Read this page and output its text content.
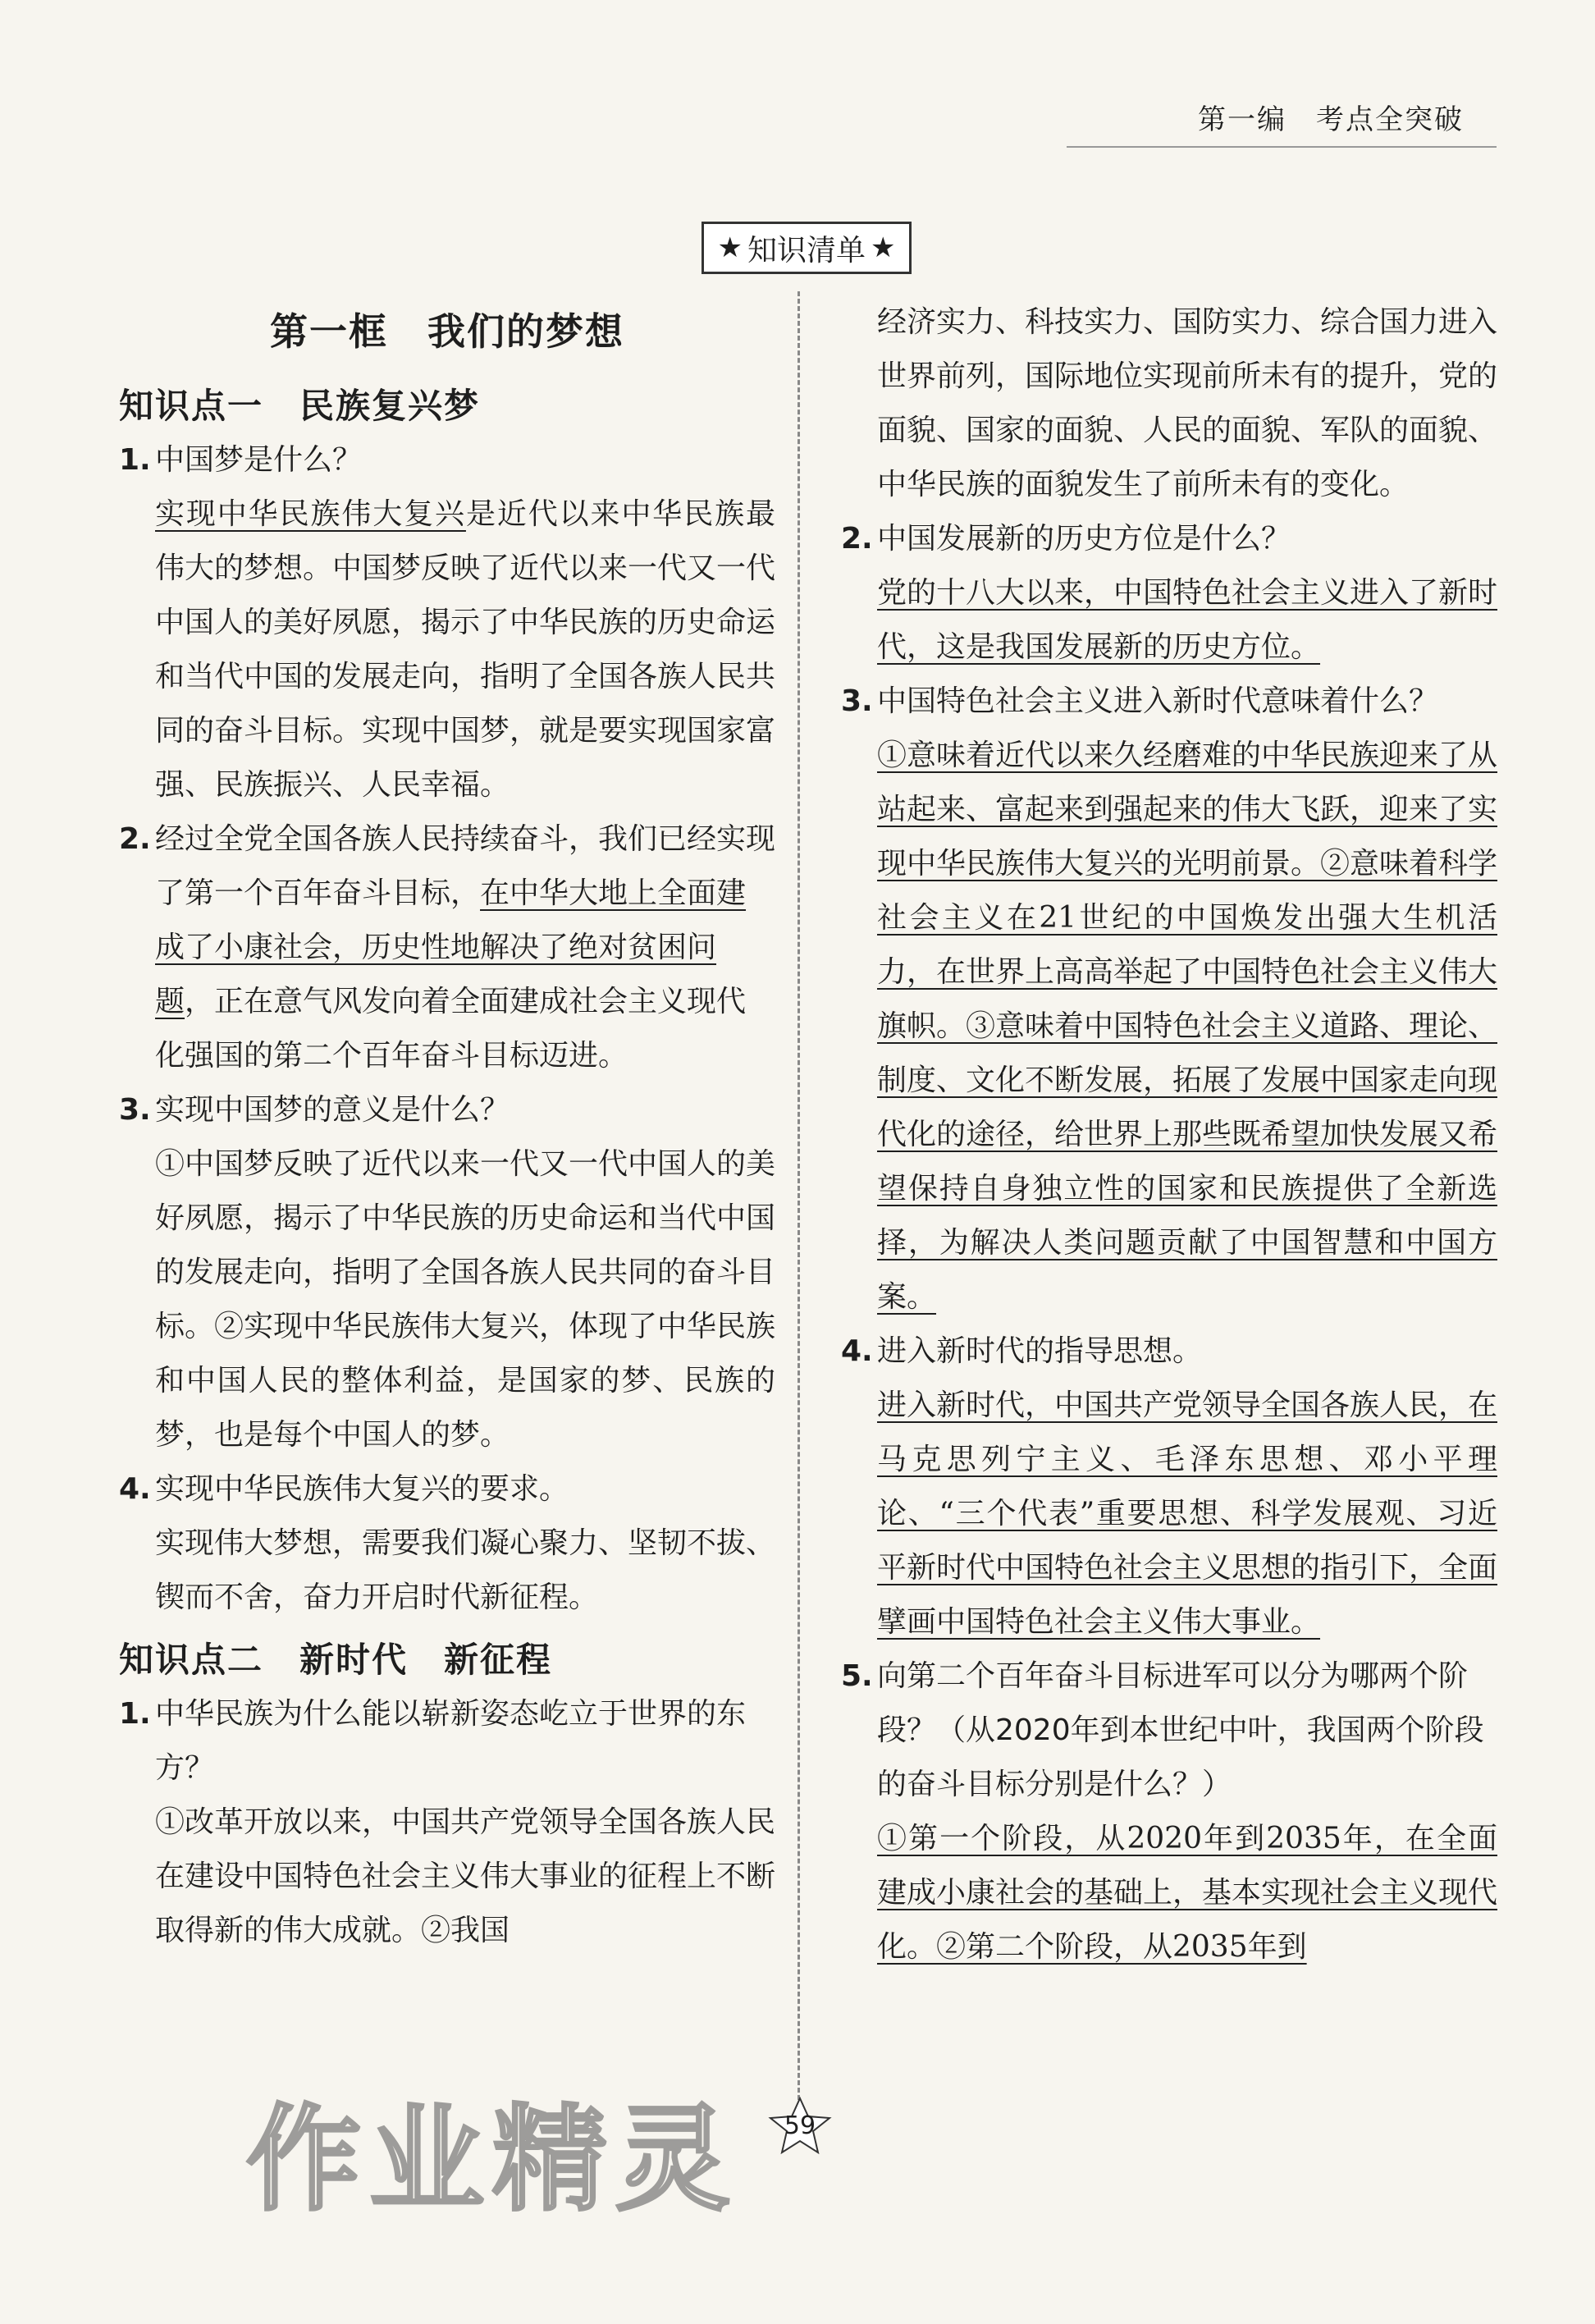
第一编　考点全突破
★ 知识清单 ★
第一框　我们的梦想
知识点一　民族复兴梦
1. 中国梦是什么？
实现中华民族伟大复兴是近代以来中华民族最伟大的梦想。中国梦反映了近代以来一代又一代中国人的美好夙愿，揭示了中华民族的历史命运和当代中国的发展走向，指明了全国各族人民共同的奋斗目标。实现中国梦，就是要实现国家富强、民族振兴、人民幸福。
2. 经过全党全国各族人民持续奋斗，我们已经实现了第一个百年奋斗目标，在中华大地上全面建成了小康社会，历史性地解决了绝对贫困问题，正在意气风发向着全面建成社会主义现代化强国的第二个百年奋斗目标迈进。
3. 实现中国梦的意义是什么？
①中国梦反映了近代以来一代又一代中国人的美好夙愿，揭示了中华民族的历史命运和当代中国的发展走向，指明了全国各族人民共同的奋斗目标。②实现中华民族伟大复兴，体现了中华民族和中国人民的整体利益，是国家的梦、民族的梦，也是每个中国人的梦。
4. 实现中华民族伟大复兴的要求。
实现伟大梦想，需要我们凝心聚力、坚韧不拔、锲而不舍，奋力开启时代新征程。
知识点二　新时代　新征程
1. 中华民族为什么能以崭新姿态屹立于世界的东方？
①改革开放以来，中国共产党领导全国各族人民在建设中国特色社会主义伟大事业的征程上不断取得新的伟大成就。②我国
经济实力、科技实力、国防实力、综合国力进入世界前列，国际地位实现前所未有的提升，党的面貌、国家的面貌、人民的面貌、军队的面貌、中华民族的面貌发生了前所未有的变化。
2. 中国发展新的历史方位是什么？
党的十八大以来，中国特色社会主义进入了新时代，这是我国发展新的历史方位。
3. 中国特色社会主义进入新时代意味着什么？
①意味着近代以来久经磨难的中华民族迎来了从站起来、富起来到强起来的伟大飞跃，迎来了实现中华民族伟大复兴的光明前景。②意味着科学社会主义在21世纪的中国焕发出强大生机活力，在世界上高高举起了中国特色社会主义伟大旗帜。③意味着中国特色社会主义道路、理论、制度、文化不断发展，拓展了发展中国家走向现代化的途径，给世界上那些既希望加快发展又希望保持自身独立性的国家和民族提供了全新选择，为解决人类问题贡献了中国智慧和中国方案。
4. 进入新时代的指导思想。
进入新时代，中国共产党领导全国各族人民，在马克思列宁主义、毛泽东思想、邓小平理论、“三个代表”重要思想、科学发展观、习近平新时代中国特色社会主义思想的指引下，全面擘画中国特色社会主义伟大事业。
5. 向第二个百年奋斗目标进军可以分为哪两个阶段？（从2020年到本世纪中叶，我国两个阶段的奋斗目标分别是什么？）
①第一个阶段，从2020年到2035年，在全面建成小康社会的基础上，基本实现社会主义现代化。②第二个阶段，从2035年到
作业精灵 59
